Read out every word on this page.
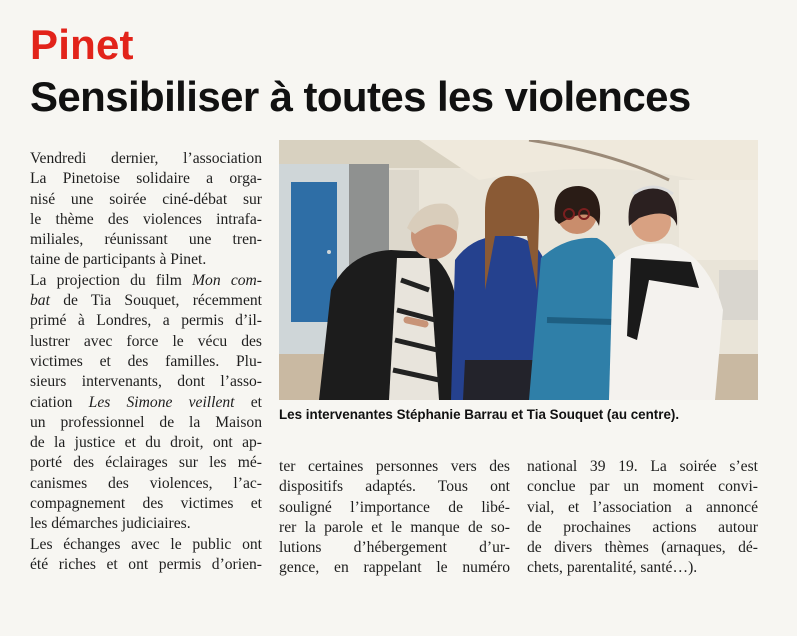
Pinet
Sensibiliser à toutes les violences

Vendredi dernier, l’association
La Pinetoise solidaire a orga-
nisé une soirée ciné-débat sur
le thème des violences intrafa-
miliales, réunissant une tren-
taine de participants à Pinet.

La projection du film Mon com-
bat de Tia Souquet, récemment
primé à Londres, a permis d’il-
lustrer avec force le vécu des
victimes et des familles. Plu-
sieurs intervenants, dont l’asso-
ciation Les Simone veillent et
un professionnel de la Maison
de la justice et du droit, ont ap-
porté des éclairages sur les mé-
canismes des violences, l’ac-
compagnement des victimes et
les démarches judiciaires.

Les échanges avec le public ont
été riches et ont permis d’orien-

Les intervenantes Stéphanie Barrau et Tia Souquet (au centre).
ter certaines personnes vers des
dispositifs adaptés. Tous ont
souligné l’importance de libé-
rer la parole et le manque de so-
lutions d’hébergement d’ur-
gence, en rappelant le numéro
national 39 19. La soirée s’est
conclue par un moment convi-
vial, et l’association a annoncé
de prochaines actions autour
de divers thèmes (arnaques, dé-
chets, parentalité, santé…).
